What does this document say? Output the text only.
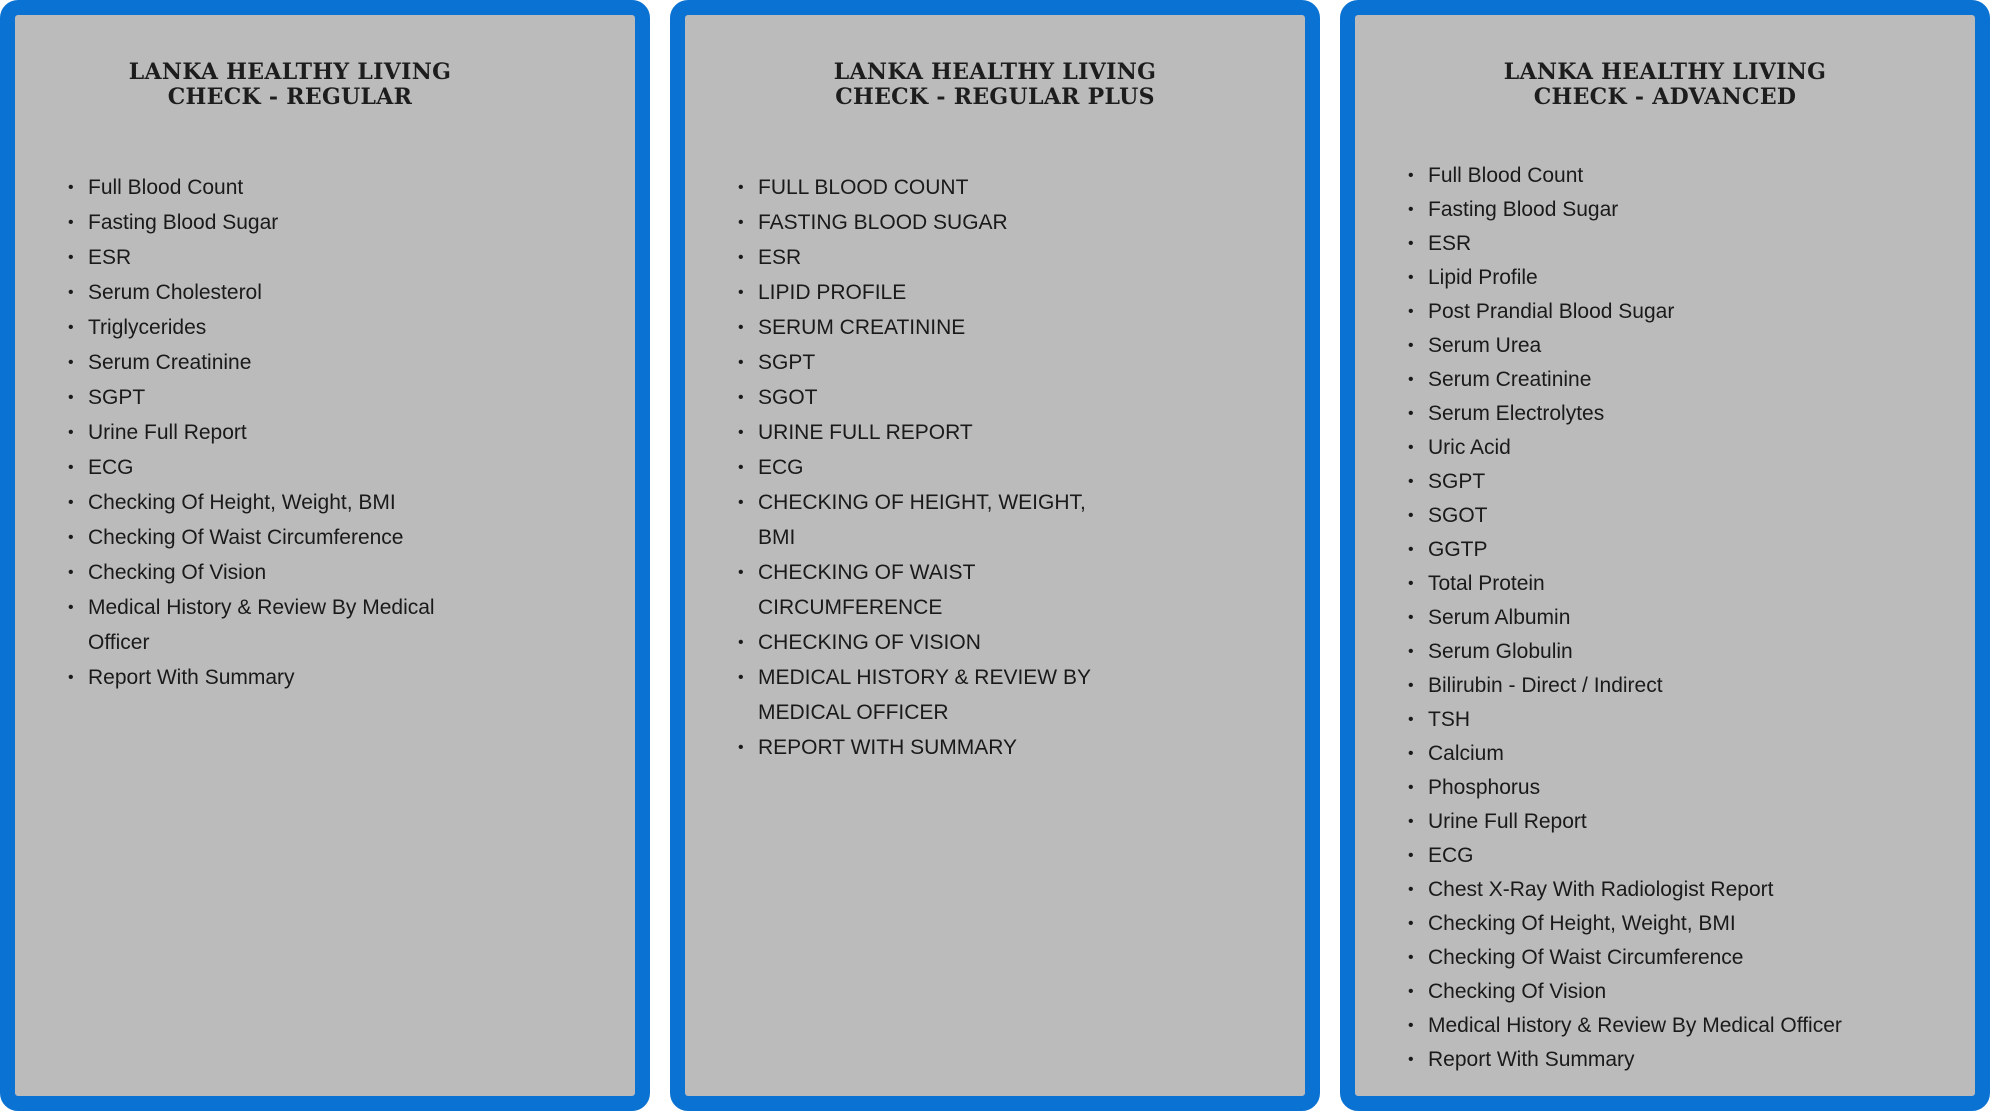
LANKA HEALTHY LIVING
CHECK - REGULAR
• Full Blood Count
• Fasting Blood Sugar
• ESR
• Serum Cholesterol
• Triglycerides
• Serum Creatinine
• SGPT
• Urine Full Report
• ECG
• Checking Of Height, Weight, BMI
• Checking Of Waist Circumference
• Checking Of Vision
• Medical History & Review By Medical Officer
• Report With Summary
LANKA HEALTHY LIVING
CHECK - REGULAR PLUS
• FULL BLOOD COUNT
• FASTING BLOOD SUGAR
• ESR
• LIPID PROFILE
• SERUM CREATININE
• SGPT
• SGOT
• URINE FULL REPORT
• ECG
• CHECKING OF HEIGHT, WEIGHT, BMI
• CHECKING OF WAIST CIRCUMFERENCE
• CHECKING OF VISION
• MEDICAL HISTORY & REVIEW BY MEDICAL OFFICER
• REPORT WITH SUMMARY
LANKA HEALTHY LIVING
CHECK - ADVANCED
• Full Blood Count
• Fasting Blood Sugar
• ESR
• Lipid Profile
• Post Prandial Blood Sugar
• Serum Urea
• Serum Creatinine
• Serum Electrolytes
• Uric Acid
• SGPT
• SGOT
• GGTP
• Total Protein
• Serum Albumin
• Serum Globulin
• Bilirubin - Direct / Indirect
• TSH
• Calcium
• Phosphorus
• Urine Full Report
• ECG
• Chest X-Ray With Radiologist Report
• Checking Of Height, Weight, BMI
• Checking Of Waist Circumference
• Checking Of Vision
• Medical History & Review By Medical Officer
• Report With Summary
